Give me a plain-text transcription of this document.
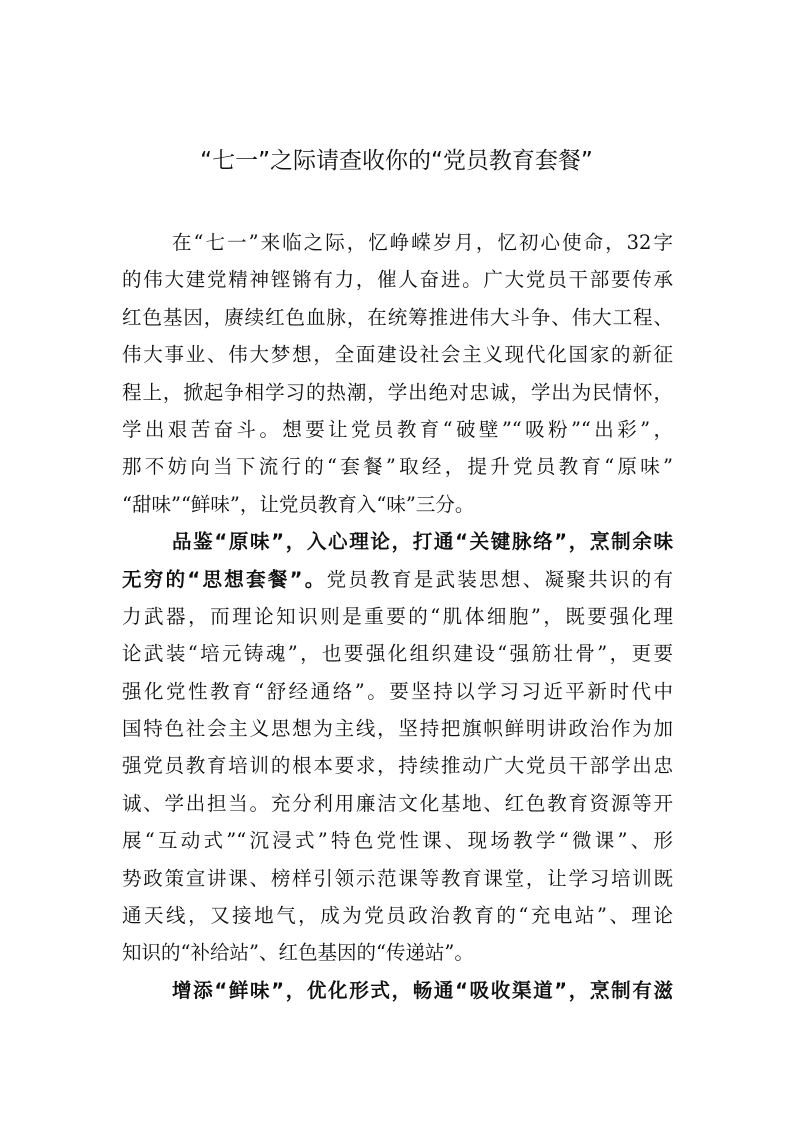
“七一”之际请查收你的“党员教育套餐”
在“七一”来临之际，忆峥嵘岁月，忆初心使命，32字
的伟大建党精神铿锵有力，催人奋进。广大党员干部要传承
红色基因，赓续红色血脉，在统筹推进伟大斗争、伟大工程、
伟大事业、伟大梦想，全面建设社会主义现代化国家的新征
程上，掀起争相学习的热潮，学出绝对忠诚，学出为民情怀，
学出艰苦奋斗。想要让党员教育“破壁”“吸粉”“出彩”，
那不妨向当下流行的“套餐”取经，提升党员教育“原味”
“甜味”“鲜味”，让党员教育入“味”三分。
品鉴“原味”，入心理论，打通“关键脉络”，烹制余味
无穷的“思想套餐”。党员教育是武装思想、凝聚共识的有
力武器，而理论知识则是重要的“肌体细胞”，既要强化理
论武装“培元铸魂”，也要强化组织建设“强筋壮骨”，更要
强化党性教育“舒经通络”。要坚持以学习习近平新时代中
国特色社会主义思想为主线，坚持把旗帜鲜明讲政治作为加
强党员教育培训的根本要求，持续推动广大党员干部学出忠
诚、学出担当。充分利用廉洁文化基地、红色教育资源等开
展“互动式”“沉浸式”特色党性课、现场教学“微课”、形
势政策宣讲课、榜样引领示范课等教育课堂，让学习培训既
通天线，又接地气，成为党员政治教育的“充电站”、理论
知识的“补给站”、红色基因的“传递站”。
增添“鲜味”，优化形式，畅通“吸收渠道”，烹制有滋
